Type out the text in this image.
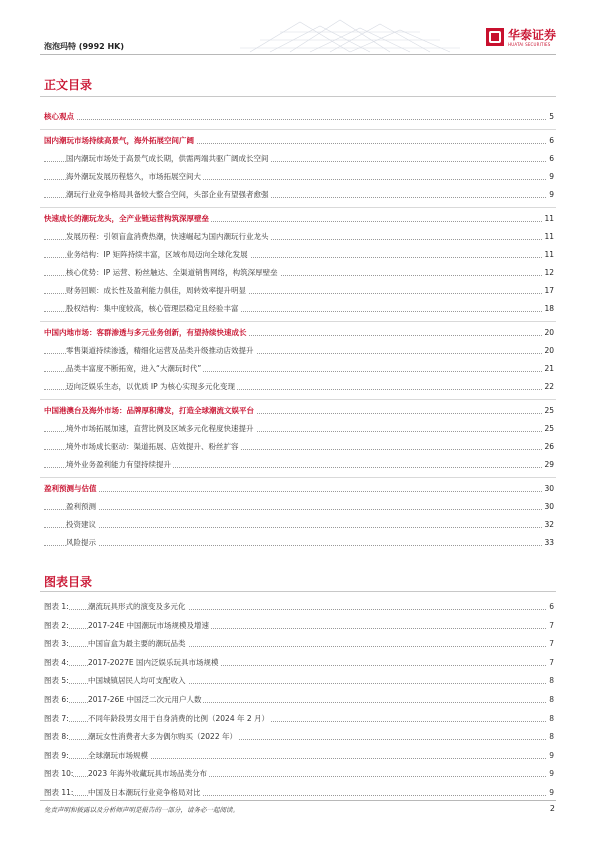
泡泡玛特 (9992 HK)
华泰证券
HUATAI SECURITIES
正文目录
核心观点	5
国内潮玩市场持续高景气，海外拓展空间广阔	6
国内潮玩市场处于高景气成长期，供需两端共驱广阔成长空间	6
海外潮玩发展历程悠久，市场拓展空间大	9
潮玩行业竞争格局具备较大整合空间，头部企业有望强者愈强	9
快速成长的潮玩龙头，全产业链运营构筑深厚壁垒	11
发展历程：引领盲盒消费热潮，快速崛起为国内潮玩行业龙头	11
业务结构：IP 矩阵持续丰富，区域布局迈向全球化发展	11
核心优势：IP 运营、粉丝触达、全渠道销售网络，构筑深厚壁垒	12
财务回顾：成长性及盈利能力俱佳，周转效率提升明显	17
股权结构：集中度较高，核心管理层稳定且经验丰富	18
中国内地市场：客群渗透与多元业务创新，有望持续快速成长	20
零售渠道持续渗透，精细化运营及品类升级推动店效提升	20
品类丰富度不断拓宽，进入“大潮玩时代”	21
迈向泛娱乐生态，以优质 IP 为核心实现多元化变现	22
中国港澳台及海外市场：品牌厚积薄发，打造全球潮流文娱平台	25
境外市场拓展加速，直营比例及区域多元化程度快速提升	25
境外市场成长驱动：渠道拓展、店效提升、粉丝扩容	26
境外业务盈利能力有望持续提升	29
盈利预测与估值	30
盈利预测	30
投资建议	32
风险提示	33
图表目录
图表 1:	潮流玩具形式的演变及多元化	6
图表 2:	2017-24E 中国潮玩市场规模及增速	7
图表 3:	中国盲盒为最主要的潮玩品类	7
图表 4:	2017-2027E 国内泛娱乐玩具市场规模	7
图表 5:	中国城镇居民人均可支配收入	8
图表 6:	2017-26E 中国泛二次元用户人数	8
图表 7:	不同年龄段男女用于自身消费的比例（2024 年 2 月）	8
图表 8:	潮玩女性消费者大多为偶尔购买（2022 年）	8
图表 9:	全球潮玩市场规模	9
图表 10: 2023 年海外收藏玩具市场品类分布	9
图表 11: 中国及日本潮玩行业竞争格局对比	9
免责声明和披露以及分析师声明是报告的一部分，请务必一起阅读。	2
